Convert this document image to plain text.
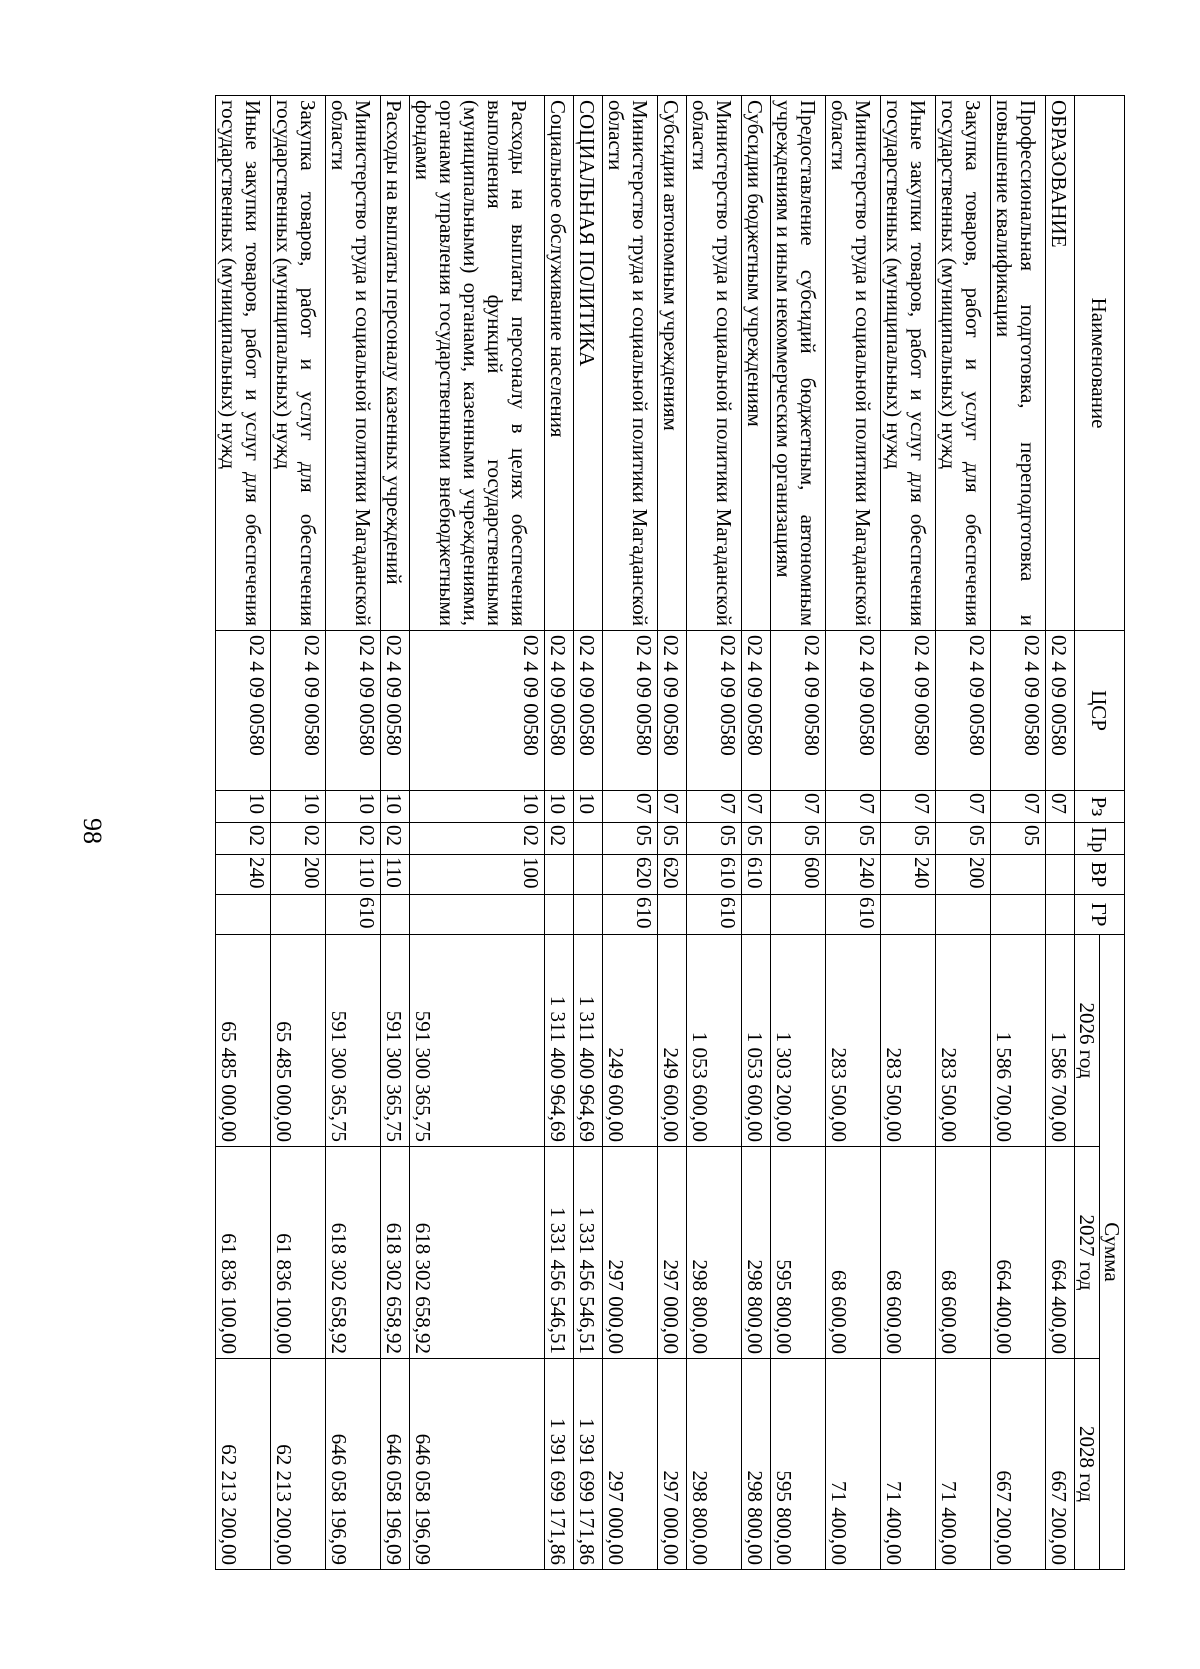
98
Наименование	ЦСР	Рз	Пр	ВР	ГР	Сумма		
						2026 год	2027 год	2028 год
ОБРАЗОВАНИЕ	02 4 09 00580	07				1 586 700,00	664 400,00	667 200,00
Профессиональная подготовка, переподготовка и повышение квалификации	02 4 09 00580	07	05			1 586 700,00	664 400,00	667 200,00
Закупка товаров, работ и услуг для обеспечения государственных (муниципальных) нужд	02 4 09 00580	07	05	200		283 500,00	68 600,00	71 400,00
Иные закупки товаров, работ и услуг для обеспечения государственных (муниципальных) нужд	02 4 09 00580	07	05	240		283 500,00	68 600,00	71 400,00
Министерство труда и социальной политики Магаданской области	02 4 09 00580	07	05	240	610	283 500,00	68 600,00	71 400,00
Предоставление субсидий бюджетным, автономным учреждениям и иным некоммерческим организациям	02 4 09 00580	07	05	600		1 303 200,00	595 800,00	595 800,00
Субсидии бюджетным учреждениям	02 4 09 00580	07	05	610		1 053 600,00	298 800,00	298 800,00
Министерство труда и социальной политики Магаданской области	02 4 09 00580	07	05	610	610	1 053 600,00	298 800,00	298 800,00
Субсидии автономным учреждениям	02 4 09 00580	07	05	620		249 600,00	297 000,00	297 000,00
Министерство труда и социальной политики Магаданской области	02 4 09 00580	07	05	620	610	249 600,00	297 000,00	297 000,00
СОЦИАЛЬНАЯ ПОЛИТИКА	02 4 09 00580	10				1 311 400 964,69	1 331 456 546,51	1 391 699 171,86
Социальное обслуживание населения	02 4 09 00580	10	02			1 311 400 964,69	1 331 456 546,51	1 391 699 171,86
Расходы на выплаты персоналу в целях обеспечения выполнения функций государственными (муниципальными) органами, казенными учреждениями, органами управления государственными внебюджетными фондами	02 4 09 00580	10	02	100		591 300 365,75	618 302 658,92	646 058 196,09
Расходы на выплаты персоналу казенных учреждений	02 4 09 00580	10	02	110		591 300 365,75	618 302 658,92	646 058 196,09
Министерство труда и социальной политики Магаданской области	02 4 09 00580	10	02	110	610	591 300 365,75	618 302 658,92	646 058 196,09
Закупка товаров, работ и услуг для обеспечения государственных (муниципальных) нужд	02 4 09 00580	10	02	200		65 485 000,00	61 836 100,00	62 213 200,00
Иные закупки товаров, работ и услуг для обеспечения государственных (муниципальных) нужд	02 4 09 00580	10	02	240		65 485 000,00	61 836 100,00	62 213 200,00
